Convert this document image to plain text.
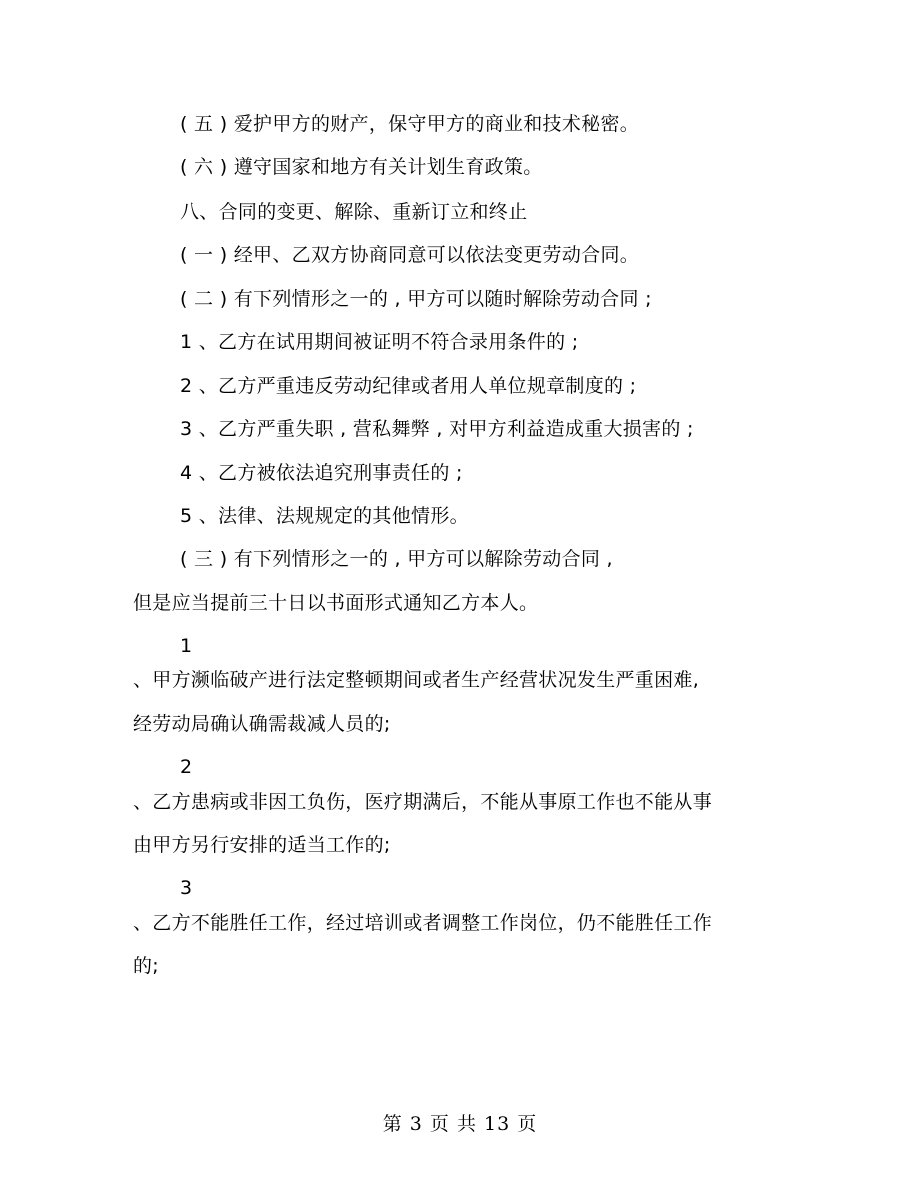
( 五 ) 爱护甲方的财产，保守甲方的商业和技术秘密。
( 六 ) 遵守国家和地方有关计划生育政策。
八、合同的变更、解除、重新订立和终止
( 一 ) 经甲、乙双方协商同意可以依法变更劳动合同。
( 二 ) 有下列情形之一的 , 甲方可以随时解除劳动合同 ;
1 、乙方在试用期间被证明不符合录用条件的 ;
2 、乙方严重违反劳动纪律或者用人单位规章制度的 ;
3 、乙方严重失职 , 营私舞弊 , 对甲方利益造成重大损害的 ;
4 、乙方被依法追究刑事责任的 ;
5 、法律、法规规定的其他情形。
( 三 ) 有下列情形之一的 , 甲方可以解除劳动合同 ,
但是应当提前三十日以书面形式通知乙方本人。
1
、甲方濒临破产进行法定整顿期间或者生产经营状况发生严重困难,
经劳动局确认确需裁减人员的;
2
、乙方患病或非因工负伤，医疗期满后，不能从事原工作也不能从事
由甲方另行安排的适当工作的;
3
、乙方不能胜任工作，经过培训或者调整工作岗位，仍不能胜任工作
的;
第 3 页 共 13 页
